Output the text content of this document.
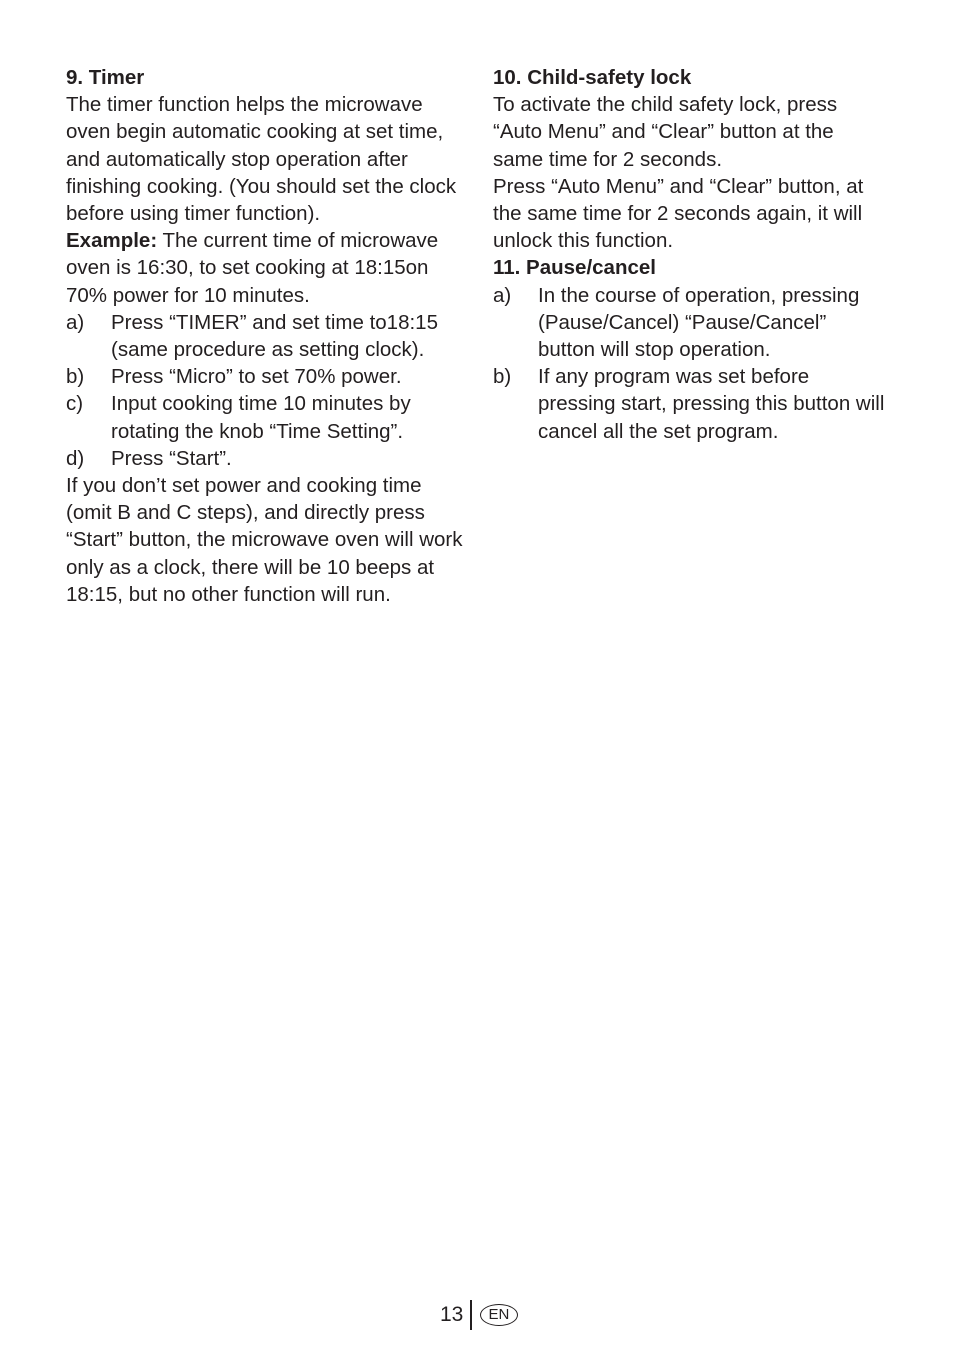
9. Timer

The timer function helps the microwave oven begin automatic cooking at set time, and automatically stop operation after finishing cooking. (You should set the clock before using timer function).

Example: The current time of microwave oven is 16:30, to set cooking at 18:15on 70% power for 10 minutes.

a)	Press “TIMER” and set time to18:15 (same procedure as setting clock).
b)	Press “Micro” to set 70% power.
c)	Input cooking time 10 minutes by rotating the knob “Time Setting”.
d)	Press “Start”.

If you don’t set power and cooking time (omit B and C steps), and directly press “Start” button, the microwave oven will work only as a clock, there will be 10 beeps at 18:15, but no other function will run.

10. Child-safety lock

To activate the child safety lock, press “Auto Menu” and “Clear” button at the same time for 2 seconds.

Press “Auto Menu” and “Clear” button, at the same time for 2 seconds again, it will unlock this function.

11. Pause/cancel
a)	In the course of operation, pressing (Pause/Cancel) “Pause/Cancel” button will stop operation.
b)	If any program was set before pressing start, pressing this button will cancel all the set program.
13	EN
